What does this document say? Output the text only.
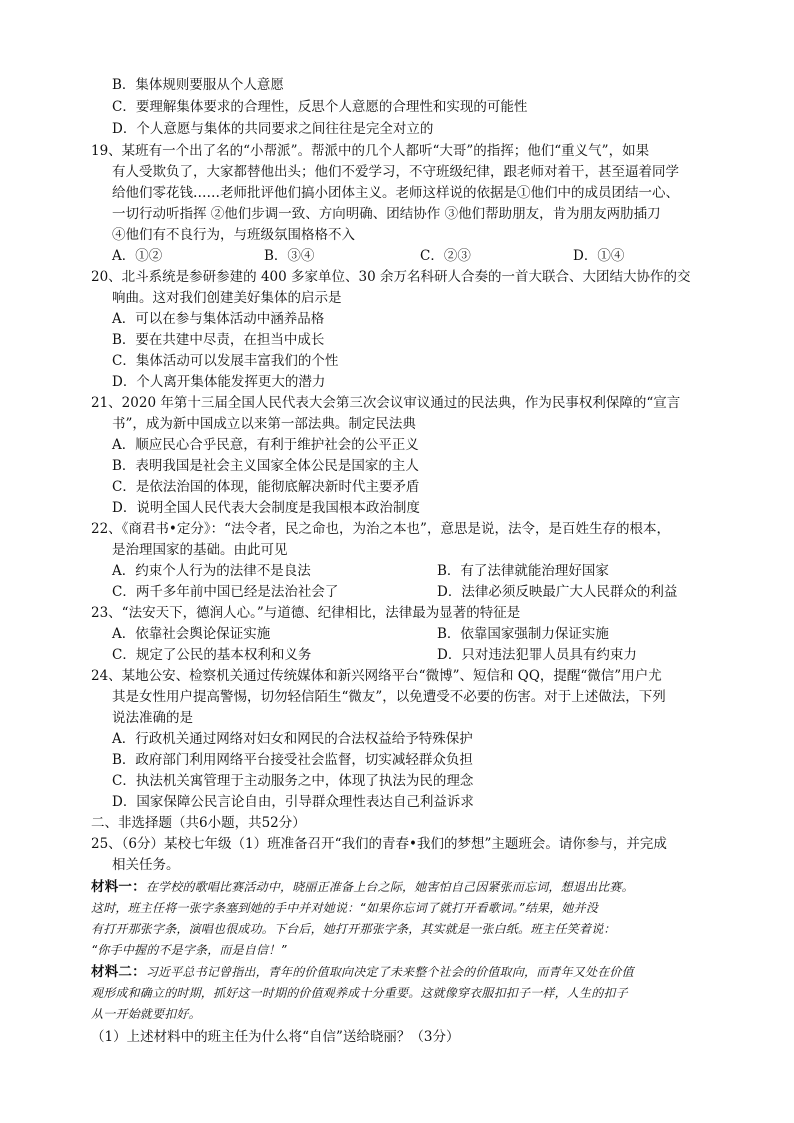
B．集体规则要服从个人意愿
C．要理解集体要求的合理性，反思个人意愿的合理性和实现的可能性
D．个人意愿与集体的共同要求之间往往是完全对立的
19、某班有一个出了名的“小帮派”。帮派中的几个人都听“大哥”的指挥；他们“重义气”，如果
有人受欺负了，大家都替他出头；他们不爱学习，不守班级纪律，跟老师对着干，甚至逼着同学
给他们零花钱……老师批评他们搞小团体主义。老师这样说的依据是①他们中的成员团结一心、
一切行动听指挥 ②他们步调一致、方向明确、团结协作 ③他们帮助朋友，肯为朋友两肋插刀
④他们有不良行为，与班级氛围格格不入
A．①②	B．③④	C．②③	D．①④
20、北斗系统是参研参建的 400 多家单位、30 余万名科研人合奏的一首大联合、大团结大协作的交
响曲。这对我们创建美好集体的启示是
A．可以在参与集体活动中涵养品格
B．要在共建中尽责，在担当中成长
C．集体活动可以发展丰富我们的个性
D．个人离开集体能发挥更大的潜力
21、2020 年第十三届全国人民代表大会第三次会议审议通过的民法典，作为民事权利保障的“宣言
书”，成为新中国成立以来第一部法典。制定民法典
A．顺应民心合乎民意，有利于维护社会的公平正义
B．表明我国是社会主义国家全体公民是国家的主人
C．是依法治国的体现，能彻底解决新时代主要矛盾
D．说明全国人民代表大会制度是我国根本政治制度
22、《商君书•定分》：“法令者，民之命也，为治之本也”，意思是说，法令，是百姓生存的根本，
是治理国家的基础。由此可见
A．约束个人行为的法律不是良法	B．有了法律就能治理好国家
C．两千多年前中国已经是法治社会了	D．法律必须反映最广大人民群众的利益
23、“法安天下，德润人心。”与道德、纪律相比，法律最为显著的特征是
A．依靠社会舆论保证实施	B．依靠国家强制力保证实施
C．规定了公民的基本权利和义务	D．只对违法犯罪人员具有约束力
24、某地公安、检察机关通过传统媒体和新兴网络平台“微博”、短信和 QQ，提醒“微信”用户尤
其是女性用户提高警惕，切勿轻信陌生“微友”，以免遭受不必要的伤害。对于上述做法，下列
说法准确的是
A．行政机关通过网络对妇女和网民的合法权益给予特殊保护
B．政府部门利用网络平台接受社会监督，切实减轻群众负担
C．执法机关寓管理于主动服务之中，体现了执法为民的理念
D．国家保障公民言论自由，引导群众理性表达自己利益诉求
二、非选择题（共6小题，共52分）
25、（6分）某校七年级（1）班准备召开“我们的青春•我们的梦想”主题班会。请你参与，并完成
相关任务。
材料一：在学校的歌唱比赛活动中，晓丽正准备上台之际，她害怕自己因紧张而忘词，想退出比赛。
这时，班主任将一张字条塞到她的手中并对她说：“如果你忘词了就打开看歌词。”结果，她并没
有打开那张字条，演唱也很成功。下台后，她打开那张字条，其实就是一张白纸。班主任笑着说：
“你手中握的不是字条，而是自信！”
材料二：习近平总书记曾指出，青年的价值取向决定了未来整个社会的价值取向，而青年又处在价值
观形成和确立的时期，抓好这一时期的价值观养成十分重要。这就像穿衣服扣扣子一样，人生的扣子
从一开始就要扣好。
（1）上述材料中的班主任为什么将“自信”送给晓丽？（3分）
